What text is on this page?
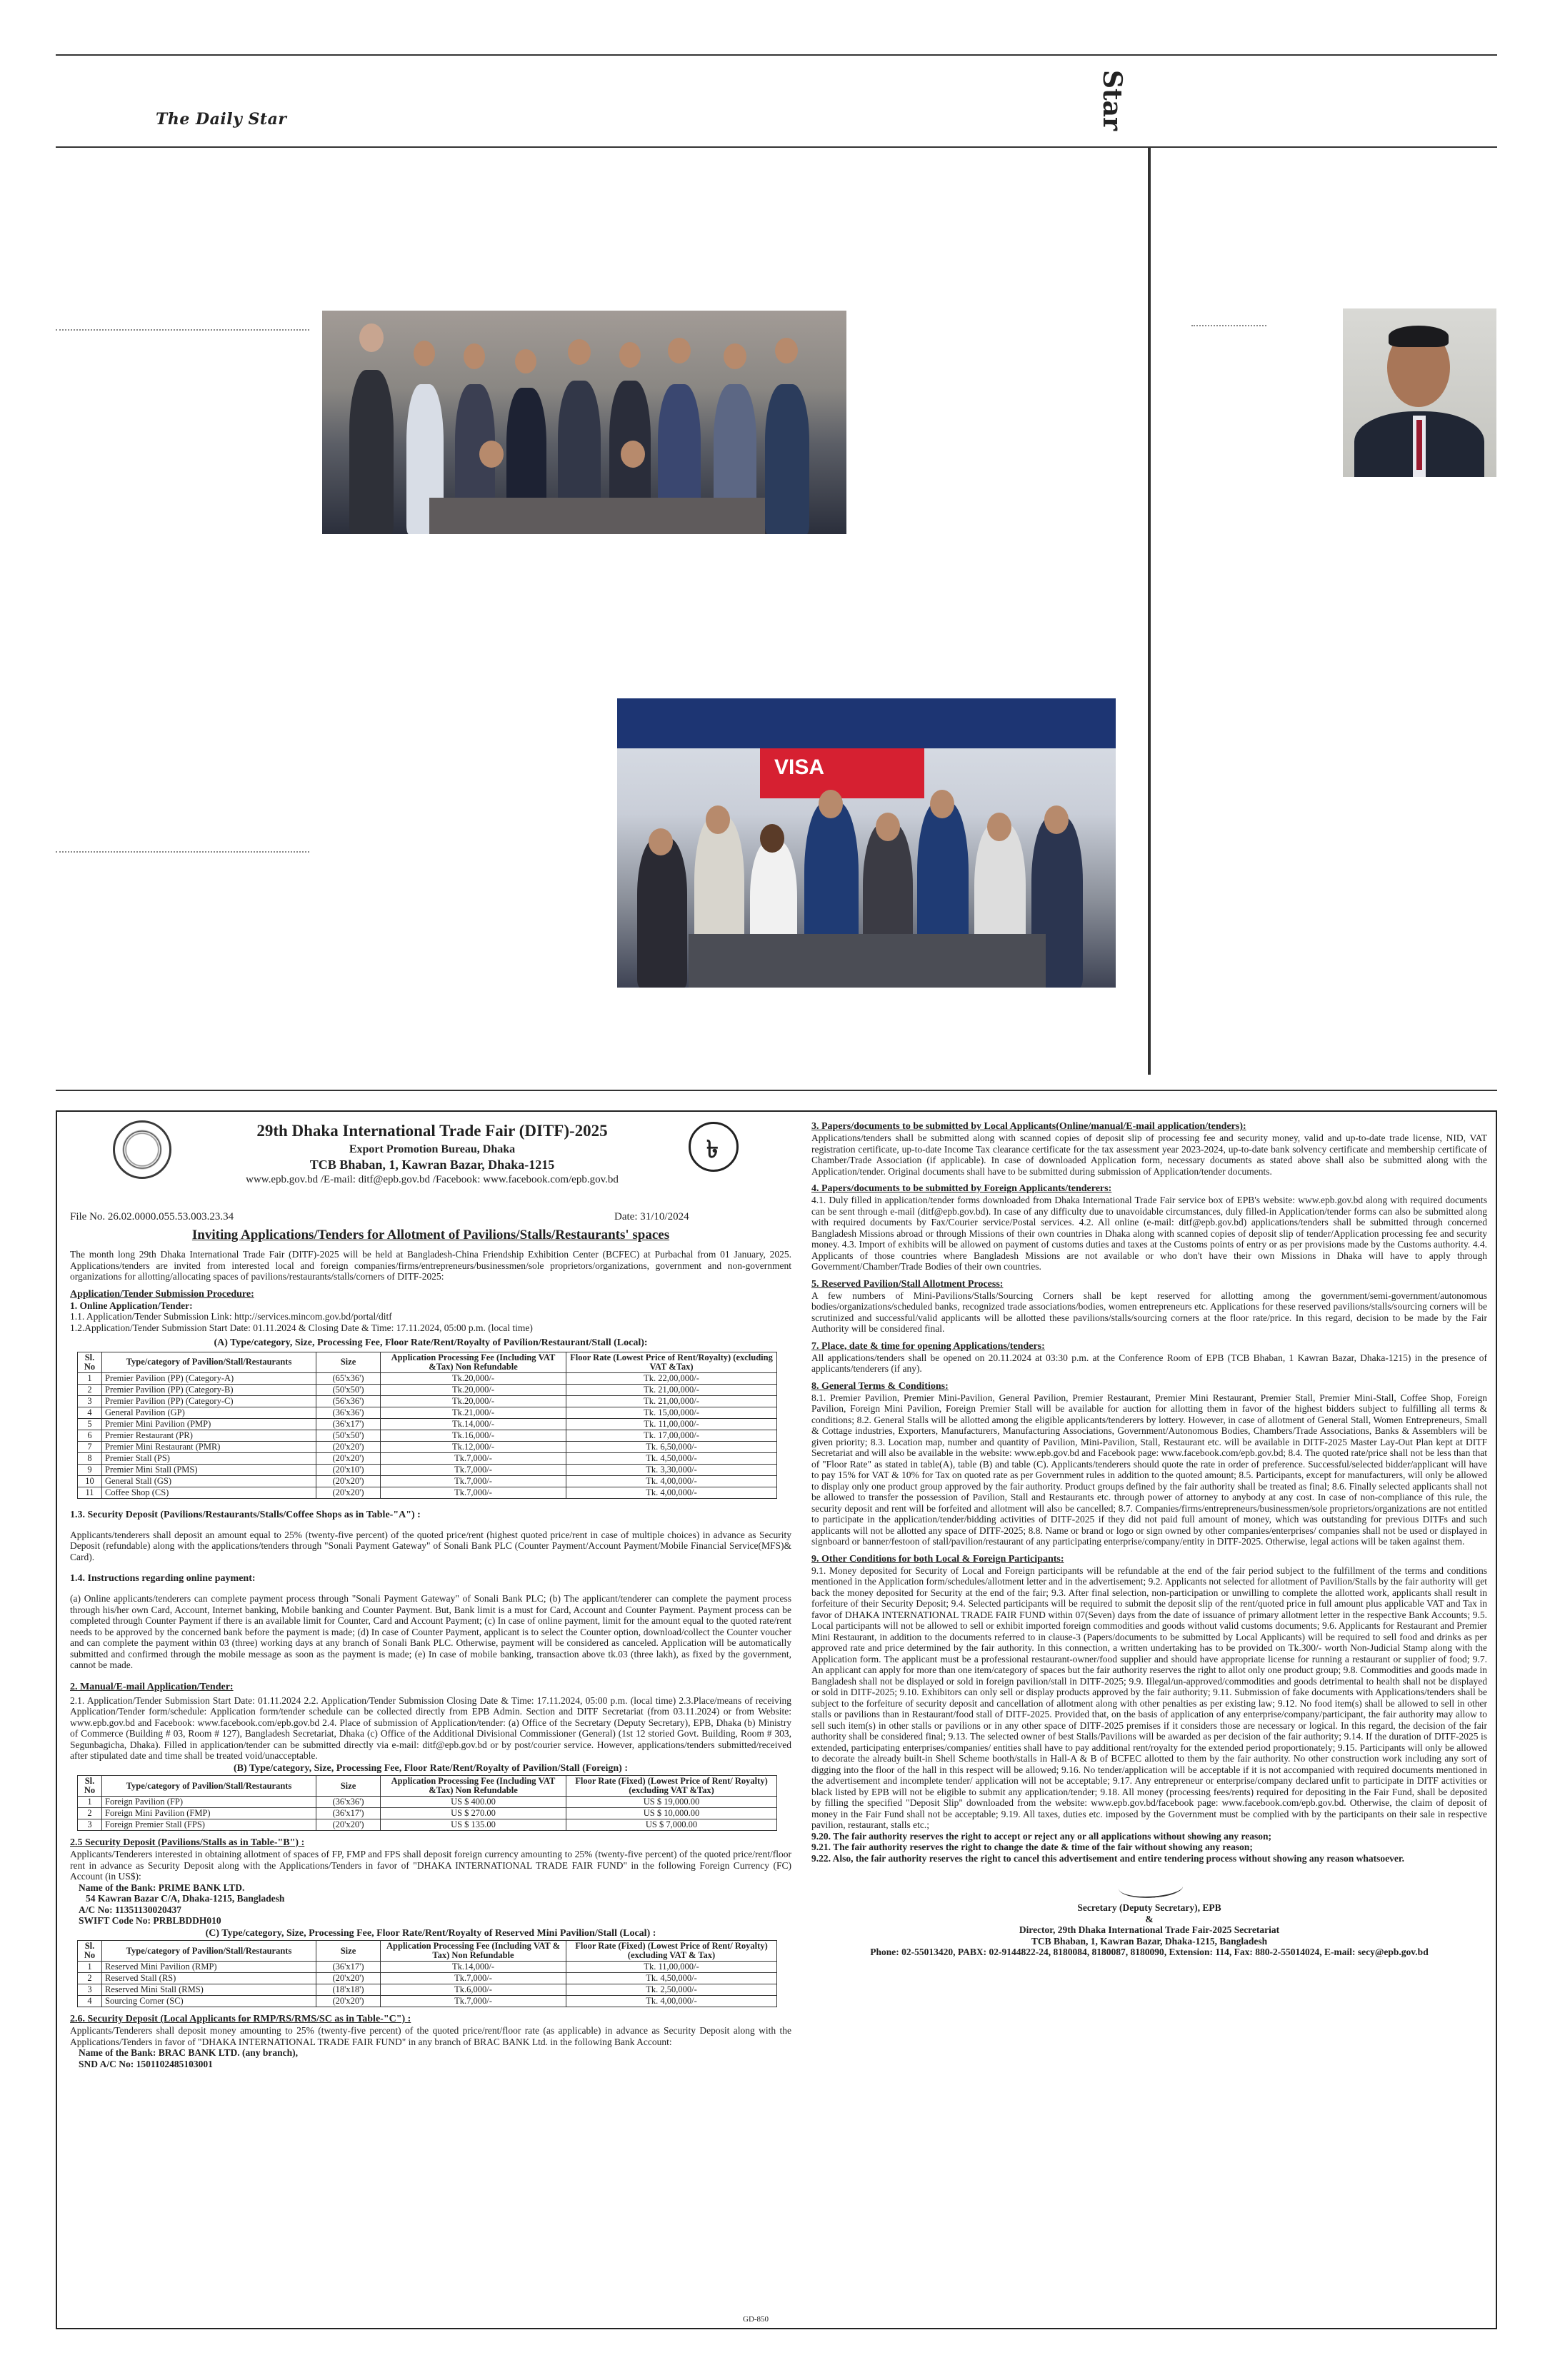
The Daily Star	Star
VISA
৳
29th Dhaka International Trade Fair (DITF)-2025
Export Promotion Bureau, Dhaka
TCB Bhaban, 1, Kawran Bazar, Dhaka-1215
www.epb.gov.bd /E-mail: ditf@epb.gov.bd /Facebook: www.facebook.com/epb.gov.bd
File No. 26.02.0000.055.53.003.23.34	Date: 31/10/2024
Inviting Applications/Tenders for Allotment of Pavilions/Stalls/Restaurants' spaces
The month long 29th Dhaka International Trade Fair (DITF)-2025 will be held at Bangladesh-China Friendship Exhibition Center (BCFEC) at Purbachal from 01 January, 2025. Applications/tenders are invited from interested local and foreign companies/firms/entrepreneurs/businessmen/sole proprietors/organizations, government and non-government organizations for allotting/allocating spaces of pavilions/restaurants/stalls/corners of DITF-2025:
Application/Tender Submission Procedure:
1. Online Application/Tender:
1.1. Application/Tender Submission Link: http://services.mincom.gov.bd/portal/ditf
1.2.Application/Tender Submission Start Date: 01.11.2024 & Closing Date & Time: 17.11.2024, 05:00 p.m. (local time)
(A) Type/category, Size, Processing Fee, Floor Rate/Rent/Royalty of Pavilion/Restaurant/Stall (Local):
Sl. No	Type/category of Pavilion/Stall/Restaurants	Size	Application Processing Fee (Including VAT &Tax) Non Refundable	Floor Rate (Lowest Price of Rent/Royalty) (excluding VAT &Tax)
1	Premier Pavilion (PP) (Category-A)	(65'x36')	Tk.20,000/-	Tk. 22,00,000/-
2	Premier Pavilion (PP) (Category-B)	(50'x50')	Tk.20,000/-	Tk. 21,00,000/-
3	Premier Pavilion (PP) (Category-C)	(56'x36')	Tk.20,000/-	Tk. 21,00,000/-
4	General Pavilion (GP)	(36'x36')	Tk.21,000/-	Tk. 15,00,000/-
5	Premier Mini Pavilion (PMP)	(36'x17')	Tk.14,000/-	Tk. 11,00,000/-
6	Premier Restaurant (PR)	(50'x50')	Tk.16,000/-	Tk. 17,00,000/-
7	Premier Mini Restaurant (PMR)	(20'x20')	Tk.12,000/-	Tk. 6,50,000/-
8	Premier Stall (PS)	(20'x20')	Tk.7,000/-	Tk. 4,50,000/-
9	Premier Mini Stall (PMS)	(20'x10')	Tk.7,000/-	Tk. 3,30,000/-
10	General Stall (GS)	(20'x20')	Tk.7,000/-	Tk. 4,00,000/-
11	Coffee Shop (CS)	(20'x20')	Tk.7,000/-	Tk. 4,00,000/-
1.3. Security Deposit (Pavilions/Restaurants/Stalls/Coffee Shops as in Table-"A") :
Applicants/tenderers shall deposit an amount equal to 25% (twenty-five percent) of the quoted price/rent (highest quoted price/rent in case of multiple choices) in advance as Security Deposit (refundable) along with the applications/tenders through "Sonali Payment Gateway" of Sonali Bank PLC (Counter Payment/Account Payment/Mobile Financial Service(MFS)& Card).
1.4. Instructions regarding online payment:
(a) Online applicants/tenderers can complete payment process through "Sonali Payment Gateway" of Sonali Bank PLC; (b) The applicant/tenderer can complete the payment process through his/her own Card, Account, Internet banking, Mobile banking and Counter Payment. But, Bank limit is a must for Card, Account and Counter Payment. Payment process can be completed through Counter Payment if there is an available limit for Counter, Card and Account Payment; (c) In case of online payment, limit for the amount equal to the quoted rate/rent needs to be approved by the concerned bank before the payment is made; (d) In case of Counter Payment, applicant is to select the Counter option, download/collect the Counter voucher and can complete the payment within 03 (three) working days at any branch of Sonali Bank PLC. Otherwise, payment will be considered as canceled. Application will be automatically submitted and confirmed through the mobile message as soon as the payment is made; (e) In case of mobile banking, transaction above tk.03 (three lakh), as fixed by the government, cannot be made.
2. Manual/E-mail Application/Tender:
2.1. Application/Tender Submission Start Date: 01.11.2024 2.2. Application/Tender Submission Closing Date & Time: 17.11.2024, 05:00 p.m. (local time) 2.3.Place/means of receiving Application/Tender form/schedule: Application form/tender schedule can be collected directly from EPB Admin. Section and DITF Secretariat (from 03.11.2024) or from Website: www.epb.gov.bd and Facebook: www.facebook.com/epb.gov.bd 2.4. Place of submission of Application/tender: (a) Office of the Secretary (Deputy Secretary), EPB, Dhaka (b) Ministry of Commerce (Building # 03, Room # 127), Bangladesh Secretariat, Dhaka (c) Office of the Additional Divisional Commissioner (General) (1st 12 storied Govt. Building, Room # 303, Segunbagicha, Dhaka). Filled in application/tender can be submitted directly via e-mail: ditf@epb.gov.bd or by post/courier service. However, applications/tenders submitted/received after stipulated date and time shall be treated void/unacceptable.
(B) Type/category, Size, Processing Fee, Floor Rate/Rent/Royalty of Pavilion/Stall (Foreign) :
Sl. No	Type/category of Pavilion/Stall/Restaurants	Size	Application Processing Fee (Including VAT &Tax) Non Refundable	Floor Rate (Fixed) (Lowest Price of Rent/ Royalty) (excluding VAT &Tax)
1	Foreign Pavilion (FP)	(36'x36')	US $ 400.00	US $ 19,000.00
2	Foreign Mini Pavilion (FMP)	(36'x17')	US $ 270.00	US $ 10,000.00
3	Foreign Premier Stall (FPS)	(20'x20')	US $ 135.00	US $ 7,000.00
2.5 Security Deposit (Pavilions/Stalls as in Table-"B") :
Applicants/Tenderers interested in obtaining allotment of spaces of FP, FMP and FPS shall deposit foreign currency amounting to 25% (twenty-five percent) of the quoted price/rent/floor rent in advance as Security Deposit along with the Applications/Tenders in favor of "DHAKA INTERNATIONAL TRADE FAIR FUND" in the following Foreign Currency (FC) Account (in US$):
Name of the Bank: PRIME BANK LTD.
54 Kawran Bazar C/A, Dhaka-1215, Bangladesh
A/C No: 11351130020437
SWIFT Code No: PRBLBDDH010
(C) Type/category, Size, Processing Fee, Floor Rate/Rent/Royalty of Reserved Mini Pavilion/Stall (Local) :
Sl. No	Type/category of Pavilion/Stall/Restaurants	Size	Application Processing Fee (Including VAT & Tax) Non Refundable	Floor Rate (Fixed) (Lowest Price of Rent/ Royalty) (excluding VAT & Tax)
1	Reserved Mini Pavilion (RMP)	(36'x17')	Tk.14,000/-	Tk. 11,00,000/-
2	Reserved Stall (RS)	(20'x20')	Tk.7,000/-	Tk. 4,50,000/-
3	Reserved Mini Stall (RMS)	(18'x18')	Tk.6,000/-	Tk. 2,50,000/-
4	Sourcing Corner (SC)	(20'x20')	Tk.7,000/-	Tk. 4,00,000/-
2.6. Security Deposit (Local Applicants for RMP/RS/RMS/SC as in Table-"C") :
Applicants/Tenderers shall deposit money amounting to 25% (twenty-five percent) of the quoted price/rent/floor rate (as applicable) in advance as Security Deposit along with the Applications/Tenders in favor of "DHAKA INTERNATIONAL TRADE FAIR FUND" in any branch of BRAC BANK Ltd. in the following Bank Account:
Name of the Bank: BRAC BANK LTD. (any branch),
SND A/C No: 1501102485103001
3. Papers/documents to be submitted by Local Applicants(Online/manual/E-mail application/tenders):
Applications/tenders shall be submitted along with scanned copies of deposit slip of processing fee and security money, valid and up-to-date trade license, NID, VAT registration certificate, up-to-date Income Tax clearance certificate for the tax assessment year 2023-2024, up-to-date bank solvency certificate and membership certificate of Chamber/Trade Association (if applicable). In case of downloaded Application form, necessary documents as stated above shall also be submitted along with the Application/tender. Original documents shall have to be submitted during submission of Application/tender documents.
4. Papers/documents to be submitted by Foreign Applicants/tenderers:
4.1. Duly filled in application/tender forms downloaded from Dhaka International Trade Fair service box of EPB's website: www.epb.gov.bd along with required documents can be sent through e-mail (ditf@epb.gov.bd). In case of any difficulty due to unavoidable circumstances, duly filled-in Application/tender forms can also be submitted along with required documents by Fax/Courier service/Postal services. 4.2. All online (e-mail: ditf@epb.gov.bd) applications/tenders shall be submitted through concerned Bangladesh Missions abroad or through Missions of their own countries in Dhaka along with scanned copies of deposit slip of tender/Application processing fee and security money. 4.3. Import of exhibits will be allowed on payment of customs duties and taxes at the Customs points of entry or as per provisions made by the Customs authority. 4.4. Applicants of those countries where Bangladesh Missions are not available or who don't have their own Missions in Dhaka will have to apply through Government/Chamber/Trade Bodies of their own countries.
5. Reserved Pavilion/Stall Allotment Process:
A few numbers of Mini-Pavilions/Stalls/Sourcing Corners shall be kept reserved for allotting among the government/semi-government/autonomous bodies/organizations/scheduled banks, recognized trade associations/bodies, women entrepreneurs etc. Applications for these reserved pavilions/stalls/sourcing corners will be scrutinized and successful/valid applicants will be allotted these pavilions/stalls/sourcing corners at the floor rate/price. In this regard, decision to be made by the Fair Authority will be considered final.
7. Place, date & time for opening Applications/tenders:
All applications/tenders shall be opened on 20.11.2024 at 03:30 p.m. at the Conference Room of EPB (TCB Bhaban, 1 Kawran Bazar, Dhaka-1215) in the presence of applicants/tenderers (if any).
8. General Terms & Conditions:
8.1. Premier Pavilion, Premier Mini-Pavilion, General Pavilion, Premier Restaurant, Premier Mini Restaurant, Premier Stall, Premier Mini-Stall, Coffee Shop, Foreign Pavilion, Foreign Mini Pavilion, Foreign Premier Stall will be available for auction for allotting them in favor of the highest bidders subject to fulfilling all terms & conditions; 8.2. General Stalls will be allotted among the eligible applicants/tenderers by lottery. However, in case of allotment of General Stall, Women Entrepreneurs, Small & Cottage industries, Exporters, Manufacturers, Manufacturing Associations, Government/Autonomous Bodies, Chambers/Trade Associations, Banks & Assemblers will be given priority; 8.3. Location map, number and quantity of Pavilion, Mini-Pavilion, Stall, Restaurant etc. will be available in DITF-2025 Master Lay-Out Plan kept at DITF Secretariat and will also be available in the website: www.epb.gov.bd and Facebook page: www.facebook.com/epb.gov.bd; 8.4. The quoted rate/price shall not be less than that of "Floor Rate" as stated in table(A), table (B) and table (C). Applicants/tenderers should quote the rate in order of preference. Successful/selected bidder/applicant will have to pay 15% for VAT & 10% for Tax on quoted rate as per Government rules in addition to the quoted amount; 8.5. Participants, except for manufacturers, will only be allowed to display only one product group approved by the fair authority. Product groups defined by the fair authority shall be treated as final; 8.6. Finally selected applicants shall not be allowed to transfer the possession of Pavilion, Stall and Restaurants etc. through power of attorney to anybody at any cost. In case of non-compliance of this rule, the security deposit and rent will be forfeited and allotment will also be cancelled; 8.7. Companies/firms/entrepreneurs/businessmen/sole proprietors/organizations are not entitled to participate in the application/tender/bidding activities of DITF-2025 if they did not paid full amount of money, which was outstanding for previous DITFs and such applicants will not be allotted any space of DITF-2025; 8.8. Name or brand or logo or sign owned by other companies/enterprises/ companies shall not be used or displayed in signboard or banner/festoon of stall/pavilion/restaurant of any participating enterprise/company/entity in DITF-2025. Otherwise, legal actions will be taken against them.
9. Other Conditions for both Local & Foreign Participants:
9.1. Money deposited for Security of Local and Foreign participants will be refundable at the end of the fair period subject to the fulfillment of the terms and conditions mentioned in the Application form/schedules/allotment letter and in the advertisement; 9.2. Applicants not selected for allotment of Pavilion/Stalls by the fair authority will get back the money deposited for Security at the end of the fair; 9.3. After final selection, non-participation or unwilling to complete the allotted work, applicants shall result in forfeiture of their Security Deposit; 9.4. Selected participants will be required to submit the deposit slip of the rent/quoted price in full amount plus applicable VAT and Tax in favor of DHAKA INTERNATIONAL TRADE FAIR FUND within 07(Seven) days from the date of issuance of primary allotment letter in the respective Bank Accounts; 9.5. Local participants will not be allowed to sell or exhibit imported foreign commodities and goods without valid customs documents; 9.6. Applicants for Restaurant and Premier Mini Restaurant, in addition to the documents referred to in clause-3 (Papers/documents to be submitted by Local Applicants) will be required to sell food and drinks as per approved rate and price determined by the fair authority. In this connection, a written undertaking has to be provided on Tk.300/- worth Non-Judicial Stamp along with the Application form. The applicant must be a professional restaurant-owner/food supplier and should have appropriate license for running a restaurant or supplier of food; 9.7. An applicant can apply for more than one item/category of spaces but the fair authority reserves the right to allot only one product group; 9.8. Commodities and goods made in Bangladesh shall not be displayed or sold in foreign pavilion/stall in DITF-2025; 9.9. Illegal/un-approved/commodities and goods detrimental to health shall not be displayed or sold in DITF-2025; 9.10. Exhibitors can only sell or display products approved by the fair authority; 9.11. Submission of fake documents with Applications/tenders shall be subject to the forfeiture of security deposit and cancellation of allotment along with other penalties as per existing law; 9.12. No food item(s) shall be allowed to sell in other stalls or pavilions than in Restaurant/food stall of DITF-2025. Provided that, on the basis of application of any enterprise/company/participant, the fair authority may allow to sell such item(s) in other stalls or pavilions or in any other space of DITF-2025 premises if it considers those are necessary or logical. In this regard, the decision of the fair authority shall be considered final; 9.13. The selected owner of best Stalls/Pavilions will be awarded as per decision of the fair authority; 9.14. If the duration of DITF-2025 is extended, participating enterprises/companies/ entities shall have to pay additional rent/royalty for the extended period proportionately; 9.15. Participants will only be allowed to decorate the already built-in Shell Scheme booth/stalls in Hall-A & B of BCFEC allotted to them by the fair authority. No other construction work including any sort of digging into the floor of the hall in this respect will be allowed; 9.16. No tender/application will be acceptable if it is not accompanied with required documents mentioned in the advertisement and incomplete tender/ application will not be acceptable; 9.17. Any entrepreneur or enterprise/company declared unfit to participate in DITF activities or black listed by EPB will not be eligible to submit any application/tender; 9.18. All money (processing fees/rents) required for depositing in the Fair Fund, shall be deposited by filling the specified "Deposit Slip" downloaded from the website: www.epb.gov.bd/facebook page: www.facebook.com/epb.gov.bd. Otherwise, the claim of deposit of money in the Fair Fund shall not be acceptable; 9.19. All taxes, duties etc. imposed by the Government must be complied with by the participants on their sale in respective pavilion, restaurant, stalls etc.;
9.20. The fair authority reserves the right to accept or reject any or all applications without showing any reason;
9.21. The fair authority reserves the right to change the date & time of the fair without showing any reason;
9.22. Also, the fair authority reserves the right to cancel this advertisement and entire tendering process without showing any reason whatsoever.
Secretary (Deputy Secretary), EPB
&
Director, 29th Dhaka International Trade Fair-2025 Secretariat
TCB Bhaban, 1, Kawran Bazar, Dhaka-1215, Bangladesh
Phone: 02-55013420, PABX: 02-9144822-24, 8180084, 8180087, 8180090, Extension: 114, Fax: 880-2-55014024, E-mail: secy@epb.gov.bd
GD-850
